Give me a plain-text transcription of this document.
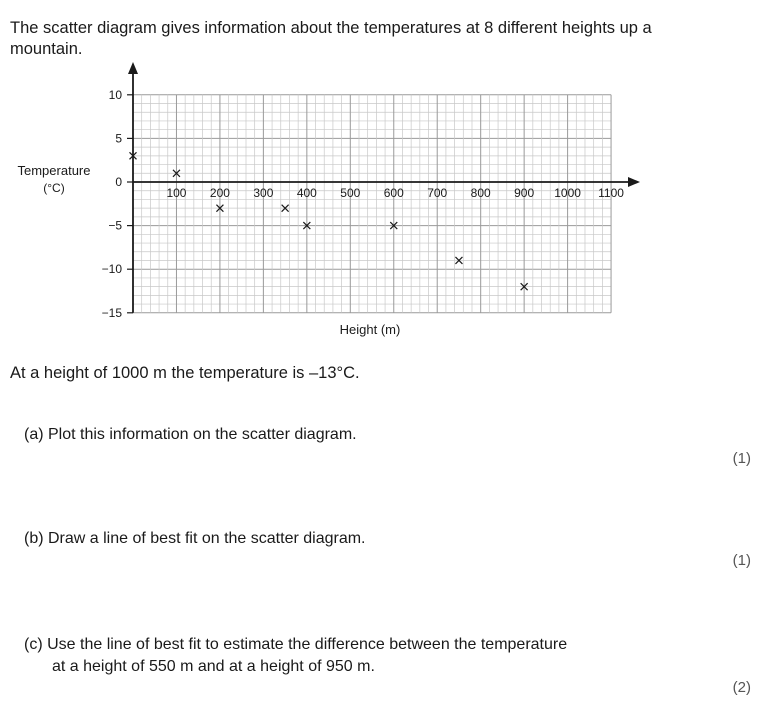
The scatter diagram gives information about the temperatures at 8 different heights up a mountain.

10
5
0
−5
−10
−15
100 200 300 400 500 600 700 800 900 1000 1100
Temperature
(°C)
Height (m)

At a height of 1000 m the temperature is –13°C.

(a) Plot this information on the scatter diagram.

(1)

(b) Draw a line of best fit on the scatter diagram.

(1)

(c) Use the line of best fit to estimate the difference between the temperature

at a height of 550 m and at a height of 950 m.

(2)
